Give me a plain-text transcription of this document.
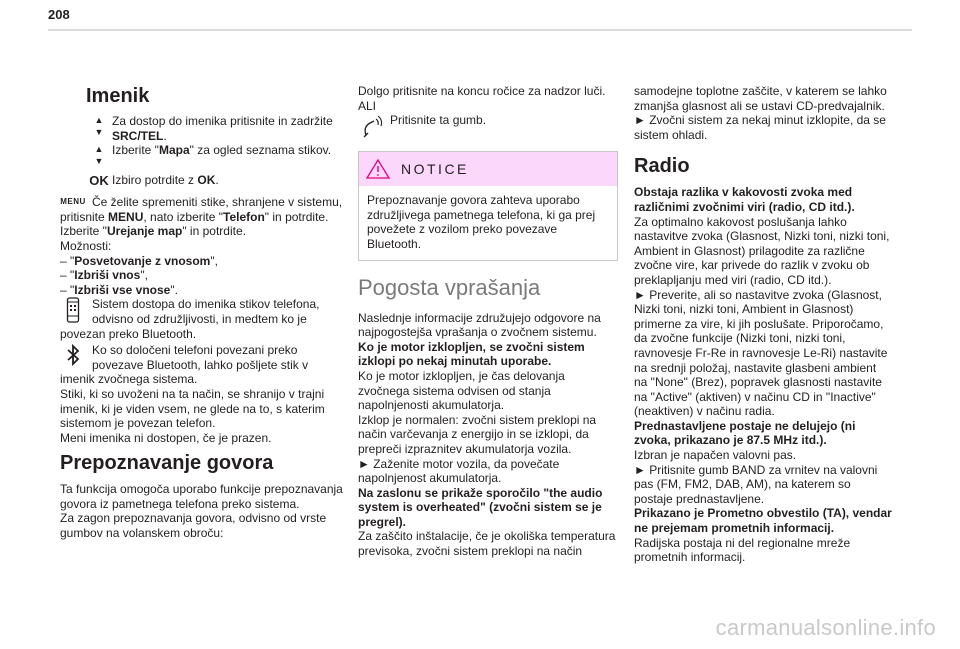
208
Imenik
▲
▼
Za dostop do imenika pritisnite in zadržite SRC/TEL.
▲
▼
Izberite "Mapa" za ogled seznama stikov.
OK Izbiro potrdite z OK.
MENU Če želite spremeniti stike, shranjene v sistemu, pritisnite MENU, nato izberite "Telefon" in potrdite.

Izberite "Urejanje map" in potrdite.

Možnosti:

– "Posvetovanje z vnosom",

– "Izbriši vnos",

– "Izbriši vse vnose".

Sistem dostopa do imenika stikov telefona, odvisno od združljivosti, in medtem ko je povezan preko Bluetooth.
Ko so določeni telefoni povezani preko povezave Bluetooth, lahko pošljete stik v imenik zvočnega sistema.

Stiki, ki so uvoženi na ta način, se shranijo v trajni imenik, ki je viden vsem, ne glede na to, s katerim sistemom je povezan telefon.

Meni imenika ni dostopen, če je prazen.

Prepoznavanje govora

Ta funkcija omogoča uporabo funkcije prepoznavanja govora iz pametnega telefona preko sistema.

Za zagon prepoznavanja govora, odvisno od vrste gumbov na volanskem obroču:

Dolgo pritisnite na koncu ročice za nadzor luči.

ALI

Pritisnite ta gumb.
NOTICE
Prepoznavanje govora zahteva uporabo združljivega pametnega telefona, ki ga prej povežete z vozilom preko povezave Bluetooth.
Pogosta vprašanja

Naslednje informacije združujejo odgovore na najpogostejša vprašanja o zvočnem sistemu.

Ko je motor izklopljen, se zvočni sistem izklopi po nekaj minutah uporabe.

Ko je motor izklopljen, je čas delovanja zvočnega sistema odvisen od stanja napolnjenosti akumulatorja.

Izklop je normalen: zvočni sistem preklopi na način varčevanja z energijo in se izklopi, da prepreči izpraznitev akumulatorja vozila.

► Zaženite motor vozila, da povečate napolnjenost akumulatorja.

Na zaslonu se prikaže sporočilo "the audio system is overheated" (zvočni sistem se je pregrel).

Za zaščito inštalacije, če je okoliška temperatura previsoka, zvočni sistem preklopi na način

samodejne toplotne zaščite, v katerem se lahko zmanjša glasnost ali se ustavi CD-predvajalnik.

► Zvočni sistem za nekaj minut izklopite, da se sistem ohladi.

Radio

Obstaja razlika v kakovosti zvoka med različnimi zvočnimi viri (radio, CD itd.).

Za optimalno kakovost poslušanja lahko nastavitve zvoka (Glasnost, Nizki toni, nizki toni, Ambient in Glasnost) prilagodite za različne zvočne vire, kar privede do razlik v zvoku ob preklapljanju med viri (radio, CD itd.).

► Preverite, ali so nastavitve zvoka (Glasnost, Nizki toni, nizki toni, Ambient in Glasnost) primerne za vire, ki jih poslušate. Priporočamo, da zvočne funkcije (Nizki toni, nizki toni, ravnovesje Fr-Re in ravnovesje Le-Ri) nastavite na srednji položaj, nastavite glasbeni ambient na "None" (Brez), popravek glasnosti nastavite na "Active" (aktiven) v načinu CD in "Inactive" (neaktiven) v načinu radia.

Prednastavljene postaje ne delujejo (ni zvoka, prikazano je 87.5 MHz itd.).

Izbran je napačen valovni pas.

► Pritisnite gumb BAND za vrnitev na valovni pas (FM, FM2, DAB, AM), na katerem so postaje prednastavljene.

Prikazano je Prometno obvestilo (TA), vendar ne prejemam prometnih informacij.

Radijska postaja ni del regionalne mreže prometnih informacij.

carmanualsonline.info
